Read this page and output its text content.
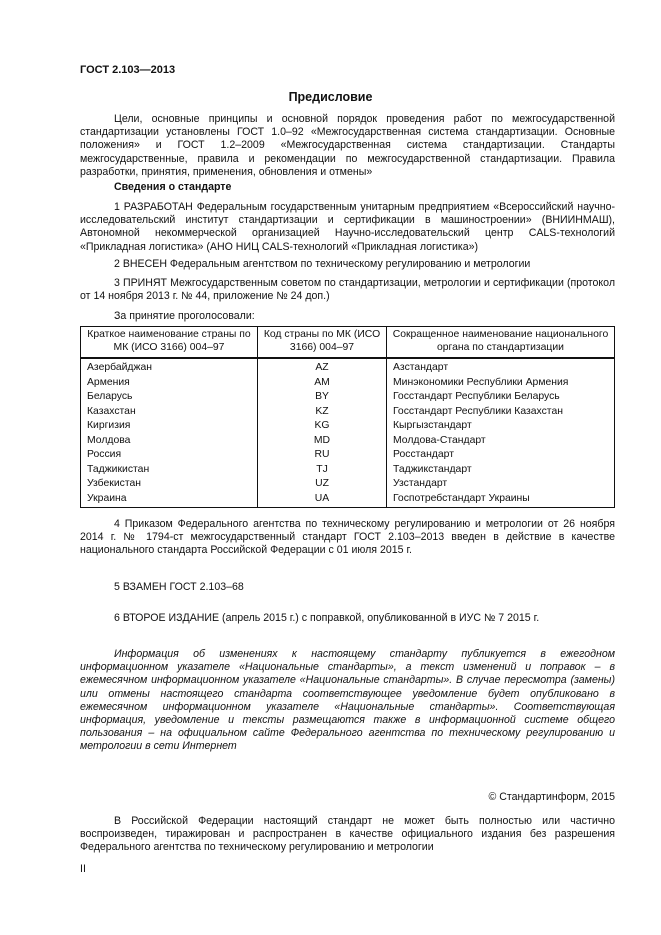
ГОСТ 2.103—2013
Предисловие
Цели, основные принципы и основной порядок проведения работ по межгосударственной стандартизации установлены ГОСТ 1.0–92 «Межгосударственная система стандартизации. Основные положения» и ГОСТ 1.2–2009 «Межгосударственная система стандартизации. Стандарты межгосударственные, правила и рекомендации по межгосударственной стандартизации. Правила разработки, принятия, применения, обновления и отмены»
Сведения о стандарте
1 РАЗРАБОТАН Федеральным государственным унитарным предприятием «Всероссийский научно-исследовательский институт стандартизации и сертификации в машиностроении» (ВНИИНМАШ), Автономной некоммерческой организацией Научно-исследовательский центр CALS-технологий «Прикладная логистика» (АНО НИЦ CALS-технологий «Прикладная логистика»)
2 ВНЕСЕН Федеральным агентством по техническому регулированию и метрологии
3 ПРИНЯТ Межгосударственным советом по стандартизации, метрологии и сертификации (протокол от 14 ноября 2013 г. № 44, приложение № 24 доп.)
За принятие проголосовали:
Краткое наименование страны по МК (ИСО 3166) 004–97	Код страны по МК (ИСО 3166) 004–97	Сокращенное наименование национального органа по стандартизации
Азербайджан	AZ	Азстандарт
Армения	AM	Минэкономики Республики Армения
Беларусь	BY	Госстандарт Республики Беларусь
Казахстан	KZ	Госстандарт Республики Казахстан
Киргизия	KG	Кыргызстандарт
Молдова	MD	Молдова-Стандарт
Россия	RU	Росстандарт
Таджикистан	TJ	Таджикстандарт
Узбекистан	UZ	Узстандарт
Украина	UA	Госпотребстандарт Украины
4 Приказом Федерального агентства по техническому регулированию и метрологии от 26 ноября 2014 г. № 1794-ст межгосударственный стандарт ГОСТ 2.103–2013 введен в действие в качестве национального стандарта Российской Федерации с 01 июля 2015 г.
5 ВЗАМЕН ГОСТ 2.103–68
6 ВТОРОЕ ИЗДАНИЕ (апрель 2015 г.) с поправкой, опубликованной в ИУС № 7 2015 г.
Информация об изменениях к настоящему стандарту публикуется в ежегодном информационном указателе «Национальные стандарты», а текст изменений и поправок – в ежемесячном информационном указателе «Национальные стандарты». В случае пересмотра (замены) или отмены настоящего стандарта соответствующее уведомление будет опубликовано в ежемесячном информационном указателе «Национальные стандарты». Соответствующая информация, уведомление и тексты размещаются также в информационной системе общего пользования – на официальном сайте Федерального агентства по техническому регулированию и метрологии в сети Интернет
© Стандартинформ, 2015
В Российской Федерации настоящий стандарт не может быть полностью или частично воспроизведен, тиражирован и распространен в качестве официального издания без разрешения Федерального агентства по техническому регулированию и метрологии
II
